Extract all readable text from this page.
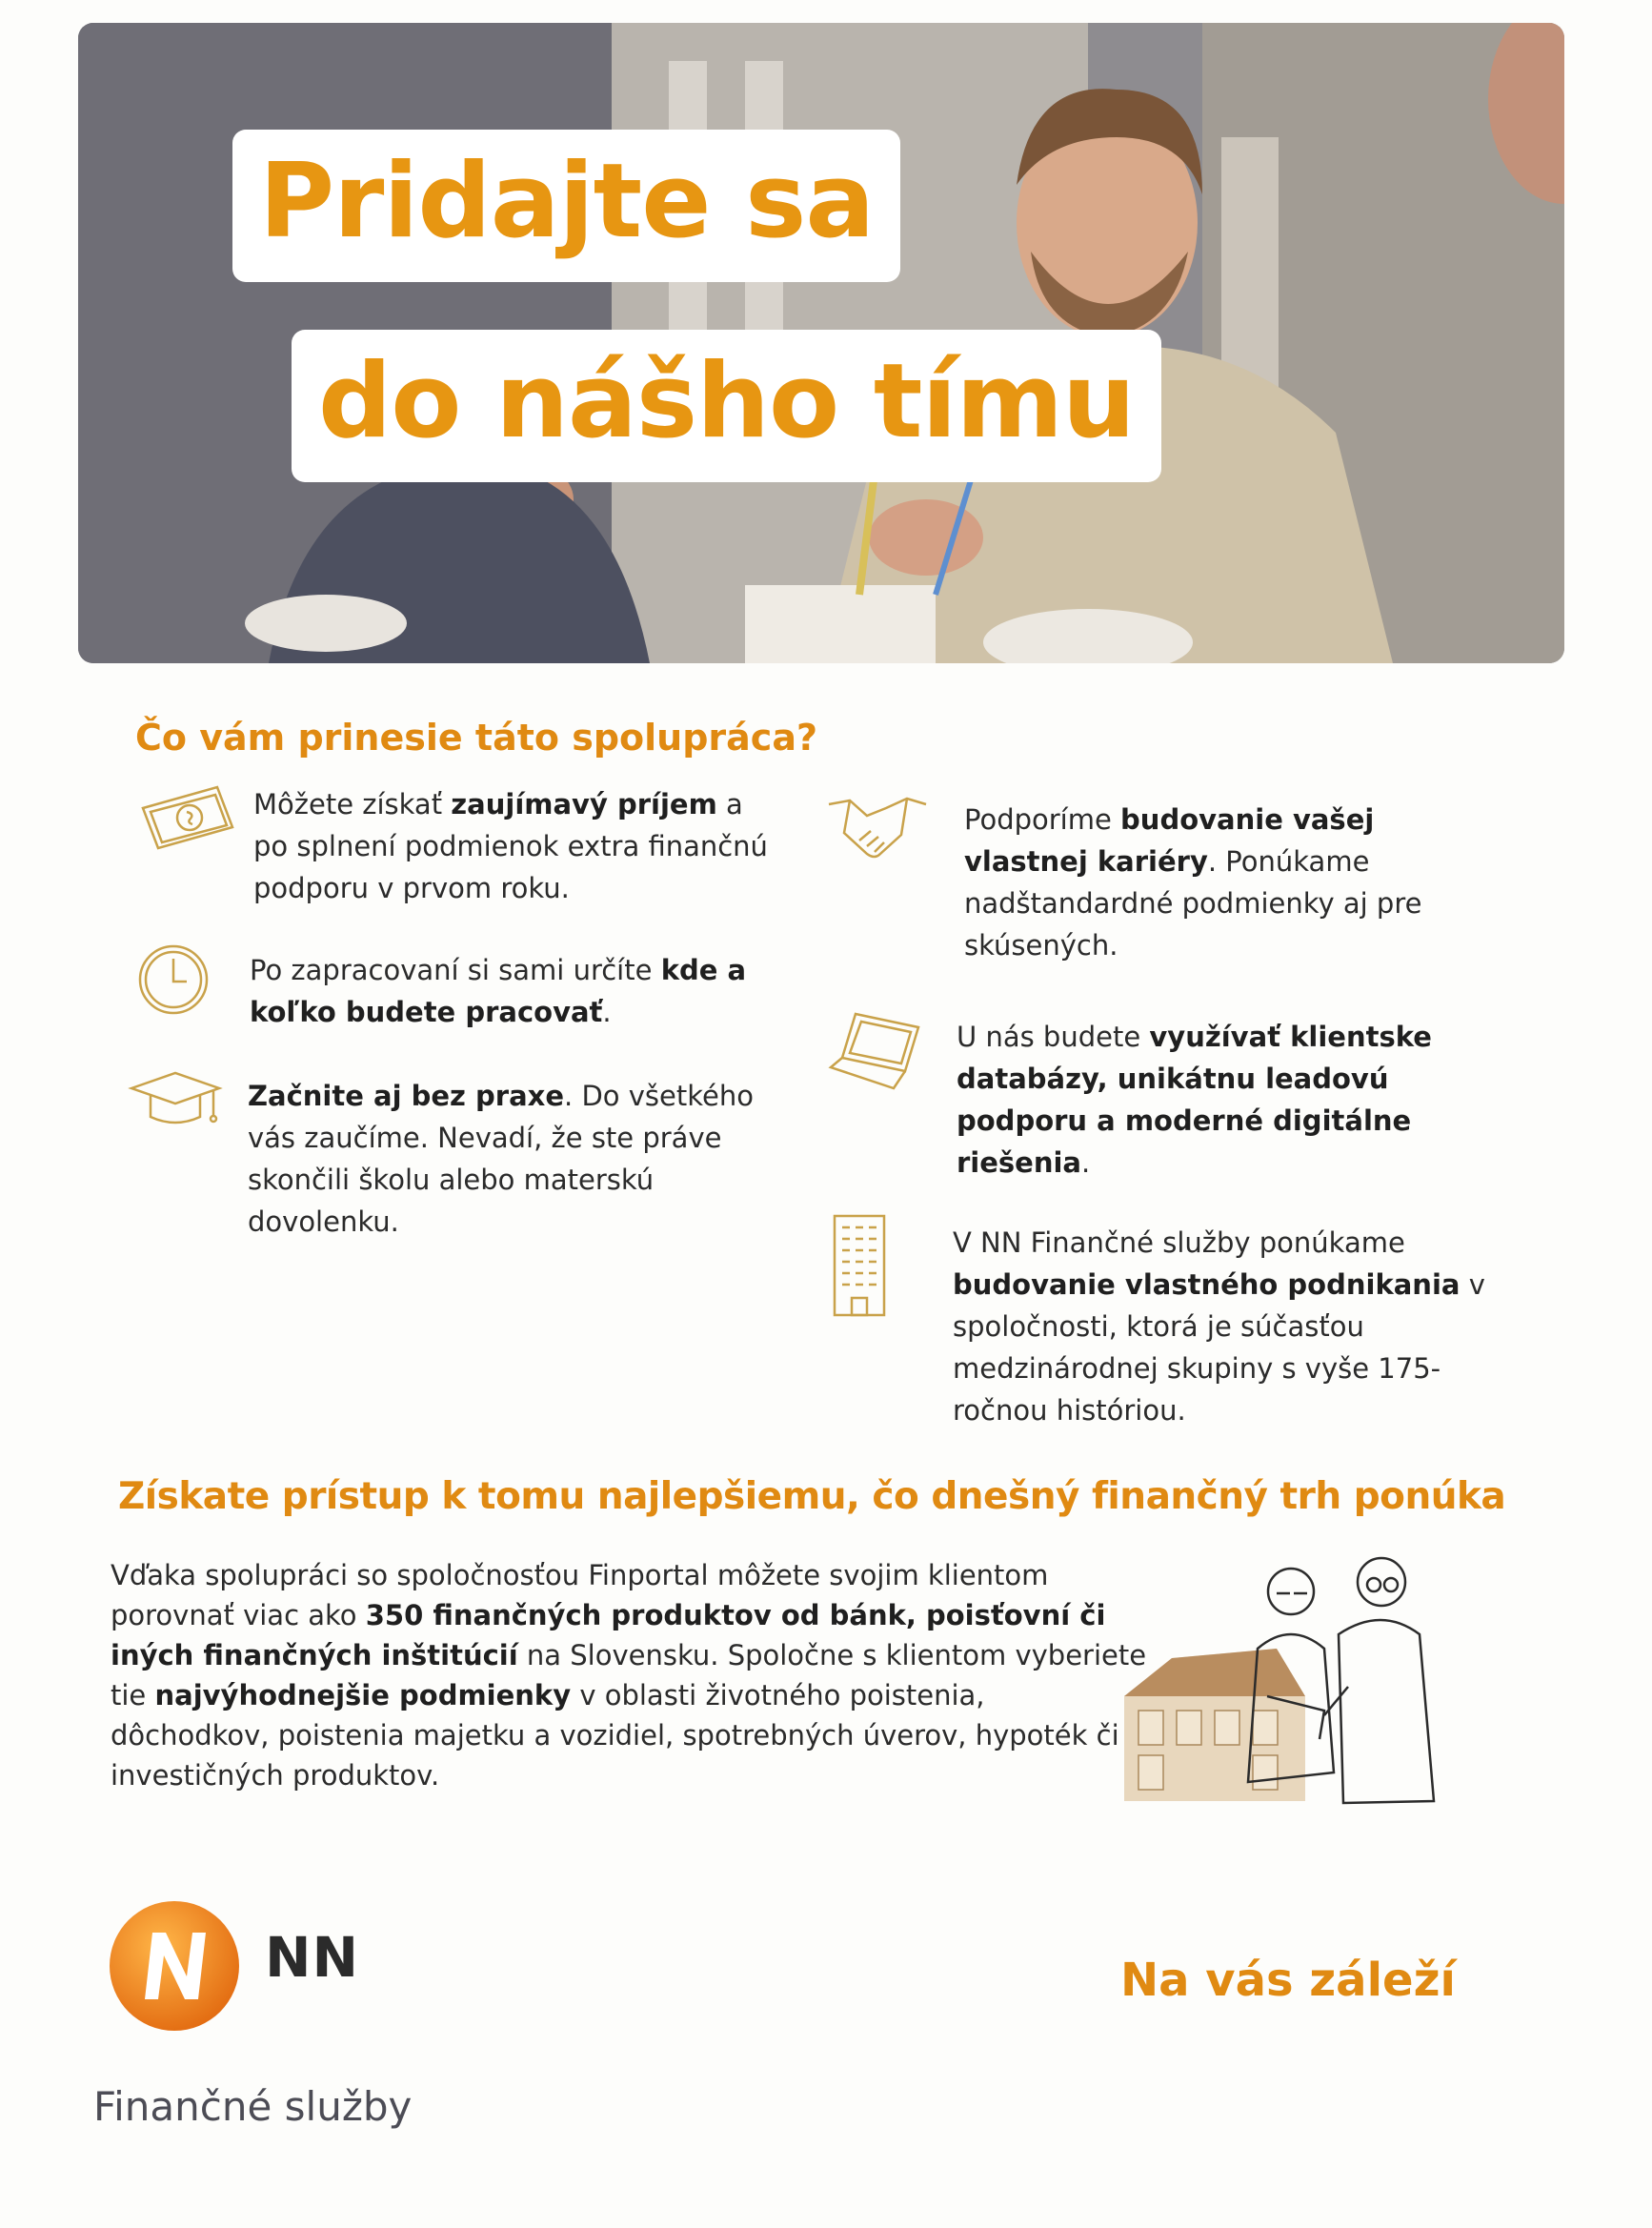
Pridajte sa
do nášho tímu
Čo vám prinesie táto spolupráca?
Môžete získať zaujímavý príjem a po splnení podmienok extra finančnú podporu v prvom roku.
Po zapracovaní si sami určíte kde a koľko budete pracovať.
Začnite aj bez praxe. Do všetkého vás zaučíme. Nevadí, že ste práve skončili školu alebo materskú dovolenku.
Podporíme budovanie vašej vlastnej kariéry. Ponúkame nadštandardné podmienky aj pre skúsených.
U nás budete využívať klientske databázy, unikátnu leadovú podporu a moderné digitálne riešenia.
V NN Finančné služby ponúkame budovanie vlastného podnikania v spoločnosti, ktorá je súčasťou medzinárodnej skupiny s vyše 175-ročnou históriou.
Získate prístup k tomu najlepšiemu, čo dnešný finančný trh ponúka
Vďaka spolupráci so spoločnosťou Finportal môžete svojim klientom porovnať viac ako 350 finančných produktov od bánk, poisťovní či iných finančných inštitúcií na Slovensku. Spoločne s klientom vyberiete tie najvýhodnejšie podmienky v oblasti životného poistenia, dôchodkov, poistenia majetku a vozidiel, spotrebných úverov, hypoték či investičných produktov.
NN	Na vás záleží
Finančné služby
